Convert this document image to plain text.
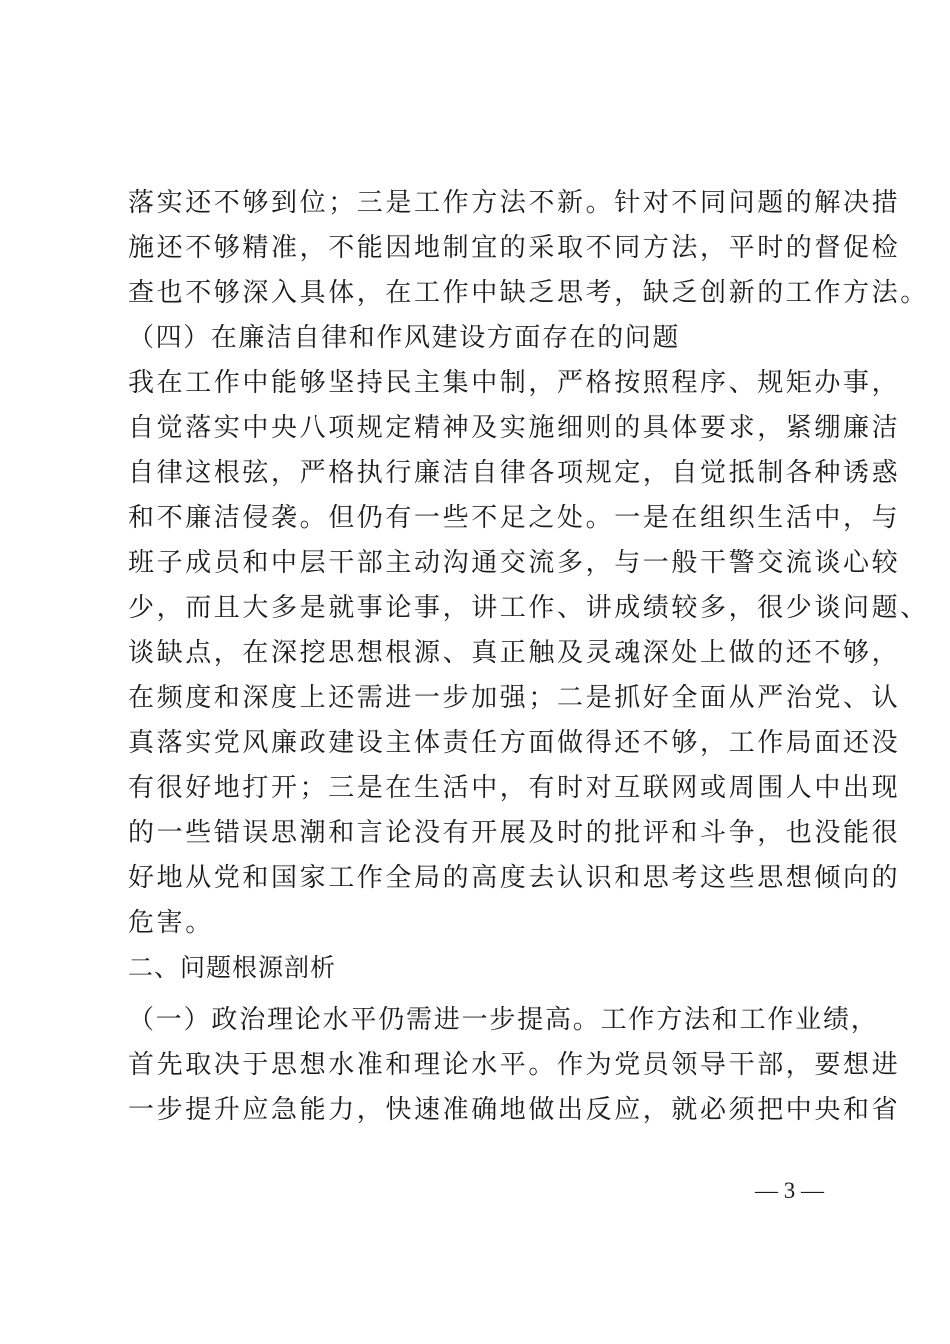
落实还不够到位；三是工作方法不新。针对不同问题的解决措
施还不够精准，不能因地制宜的采取不同方法，平时的督促检
查也不够深入具体，在工作中缺乏思考，缺乏创新的工作方法。
（四）在廉洁自律和作风建设方面存在的问题
我在工作中能够坚持民主集中制，严格按照程序、规矩办事，
自觉落实中央八项规定精神及实施细则的具体要求，紧绷廉洁
自律这根弦，严格执行廉洁自律各项规定，自觉抵制各种诱惑
和不廉洁侵袭。但仍有一些不足之处。一是在组织生活中，与
班子成员和中层干部主动沟通交流多，与一般干警交流谈心较
少，而且大多是就事论事，讲工作、讲成绩较多，很少谈问题、
谈缺点，在深挖思想根源、真正触及灵魂深处上做的还不够，
在频度和深度上还需进一步加强；二是抓好全面从严治党、认
真落实党风廉政建设主体责任方面做得还不够，工作局面还没
有很好地打开；三是在生活中，有时对互联网或周围人中出现
的一些错误思潮和言论没有开展及时的批评和斗争，也没能很
好地从党和国家工作全局的高度去认识和思考这些思想倾向的
危害。
二、问题根源剖析
（一）政治理论水平仍需进一步提高。工作方法和工作业绩，
首先取决于思想水准和理论水平。作为党员领导干部，要想进
一步提升应急能力，快速准确地做出反应，就必须把中央和省
— 3 —
